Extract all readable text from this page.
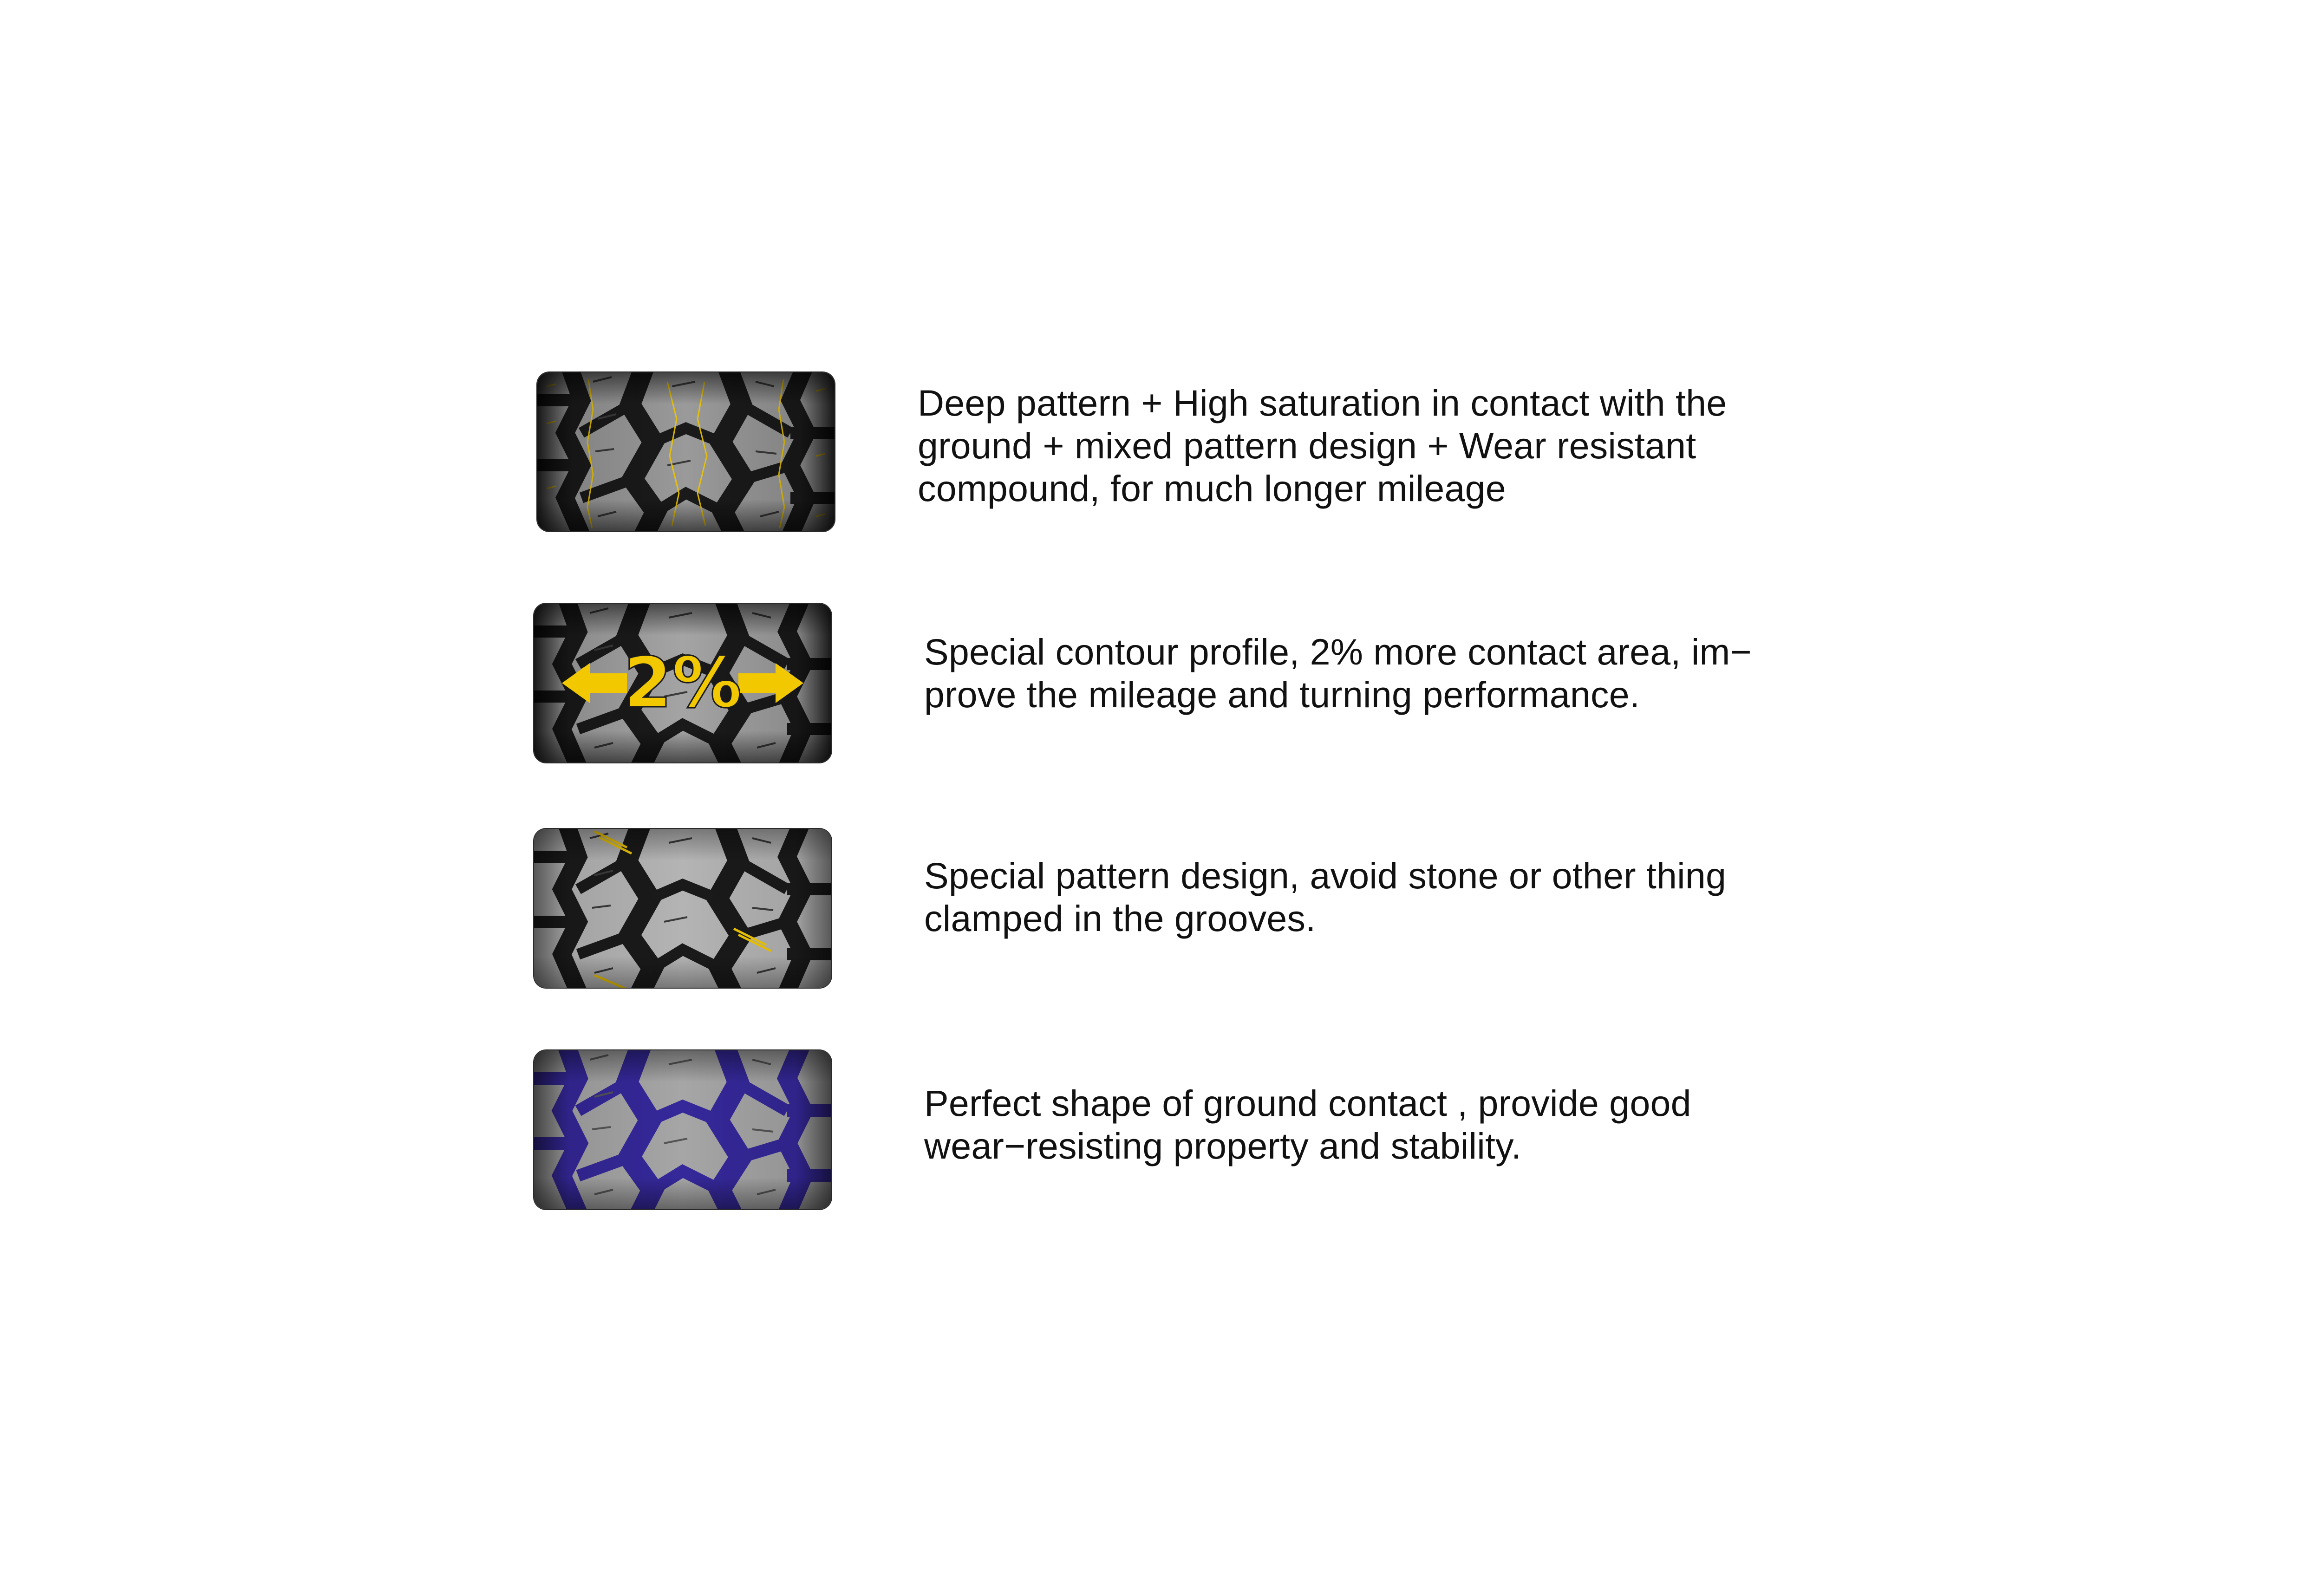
Deep pattern + High saturation in contact with the
ground + mixed pattern design + Wear resistant
compound, for much longer mileage

2%	Special contour profile, 2% more contact area, im−
prove the mileage and turning performance.

Special pattern design, avoid stone or other thing
clamped in the grooves.

Perfect shape of ground contact , provide good
wear−resisting property and stability.
